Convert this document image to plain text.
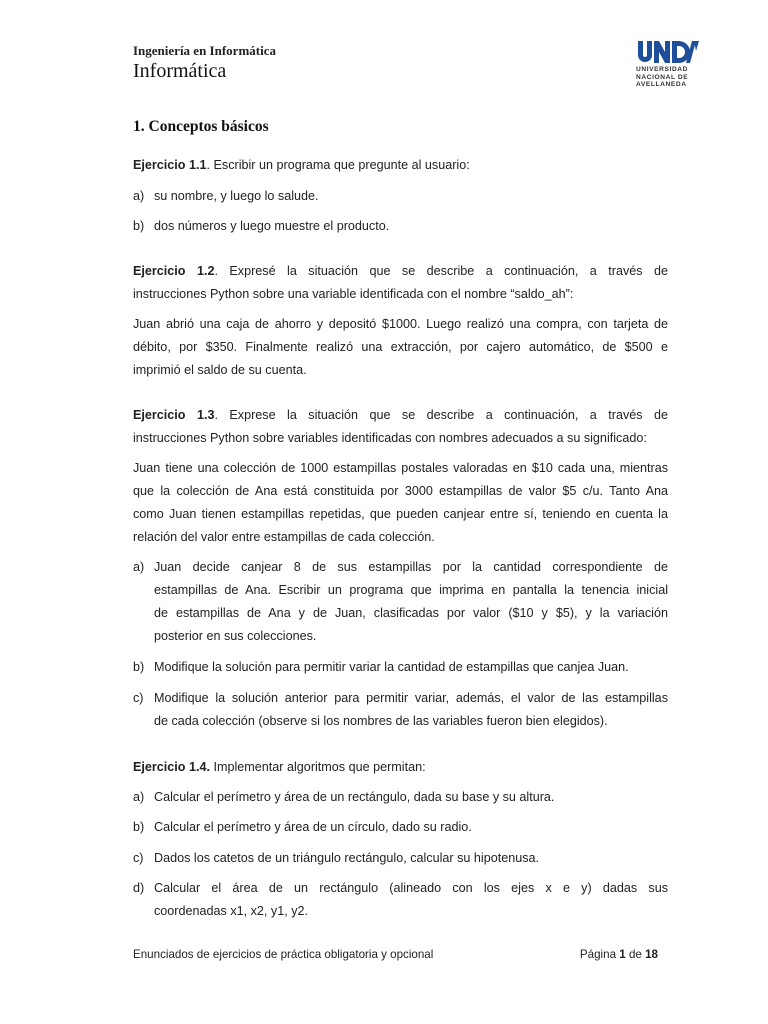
Ingeniería en Informática
Informática	UNIVERSIDAD
NACIONAL DE
AVELLANEDA
1. Conceptos básicos
Ejercicio 1.1. Escribir un programa que pregunte al usuario:
a) su nombre, y luego lo salude.
b) dos números y luego muestre el producto.
Ejercicio 1.2. Expresé la situación que se describe a continuación, a través de
instrucciones Python sobre una variable identificada con el nombre “saldo_ah”:
Juan abrió una caja de ahorro y depositó $1000. Luego realizó una compra, con tarjeta de
débito, por $350. Finalmente realizó una extracción, por cajero automático, de $500 e
imprimió el saldo de su cuenta.
Ejercicio 1.3. Exprese la situación que se describe a continuación, a través de
instrucciones Python sobre variables identificadas con nombres adecuados a su significado:
Juan tiene una colección de 1000 estampillas postales valoradas en $10 cada una, mientras
que la colección de Ana está constituida por 3000 estampillas de valor $5 c/u. Tanto Ana
como Juan tienen estampillas repetidas, que pueden canjear entre sí, teniendo en cuenta la
relación del valor entre estampillas de cada colección.
a) Juan decide canjear 8 de sus estampillas por la cantidad correspondiente de
estampillas de Ana. Escribir un programa que imprima en pantalla la tenencia inicial
de estampillas de Ana y de Juan, clasificadas por valor ($10 y $5), y la variación
posterior en sus colecciones.
b) Modifique la solución para permitir variar la cantidad de estampillas que canjea Juan.
c) Modifique la solución anterior para permitir variar, además, el valor de las estampillas
de cada colección (observe si los nombres de las variables fueron bien elegidos).
Ejercicio 1.4. Implementar algoritmos que permitan:
a) Calcular el perímetro y área de un rectángulo, dada su base y su altura.
b) Calcular el perímetro y área de un círculo, dado su radio.
c) Dados los catetos de un triángulo rectángulo, calcular su hipotenusa.
d) Calcular el área de un rectángulo (alineado con los ejes x e y) dadas sus
coordenadas x1, x2, y1, y2.
Enunciados de ejercicios de práctica obligatoria y opcional	Página 1 de 18
